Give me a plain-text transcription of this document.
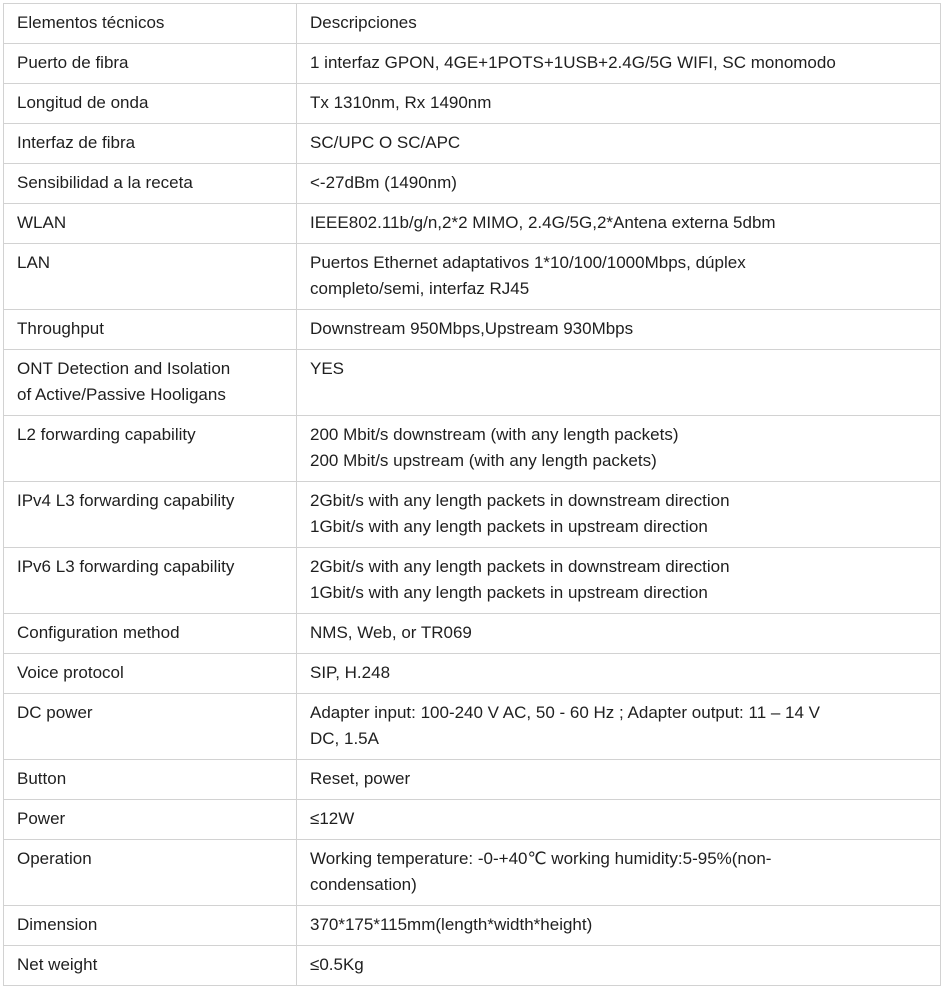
Elementos técnicos	Descripciones

Puerto de fibra	1 interfaz GPON, 4GE+1POTS+1USB+2.4G/5G WIFI, SC monomodo

Longitud de onda	Tx 1310nm, Rx 1490nm

Interfaz de fibra	SC/UPC O SC/APC

Sensibilidad a la receta	<-27dBm (1490nm)

WLAN	IEEE802.11b/g/n,2*2 MIMO, 2.4G/5G,2*Antena externa 5dbm

LAN	Puertos Ethernet adaptativos 1*10/100/1000Mbps, dúplex
completo/semi, interfaz RJ45

Throughput	Downstream 950Mbps,Upstream 930Mbps

ONT Detection and Isolation
of Active/Passive Hooligans	YES

L2 forwarding capability	200 Mbit/s downstream (with any length packets)
200 Mbit/s upstream (with any length packets)

IPv4 L3 forwarding capability	2Gbit/s with any length packets in downstream direction
1Gbit/s with any length packets in upstream direction

IPv6 L3 forwarding capability	2Gbit/s with any length packets in downstream direction
1Gbit/s with any length packets in upstream direction

Configuration method	NMS, Web, or TR069

Voice protocol	SIP, H.248

DC power	Adapter input: 100-240 V AC, 50 - 60 Hz ; Adapter output: 11 – 14 V
DC, 1.5A

Button	Reset, power

Power	≤12W

Operation	Working temperature: -0-+40℃ working humidity:5-95%(non-
condensation)

Dimension	370*175*115mm(length*width*height)

Net weight	≤0.5Kg
